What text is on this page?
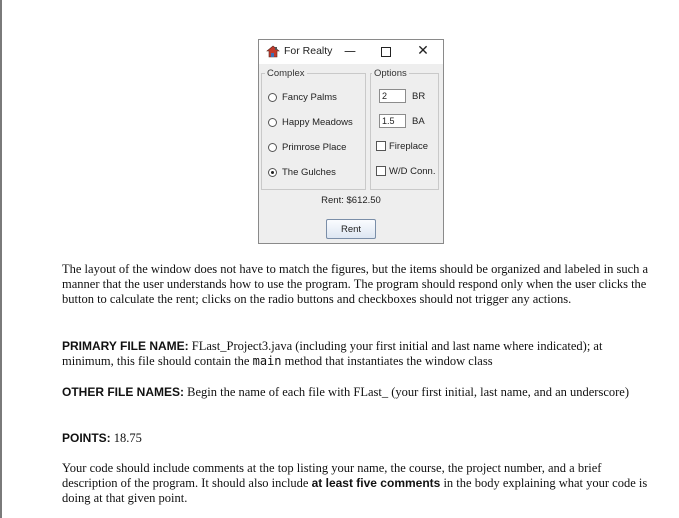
For Realty —	✕
Complex
Fancy Palms
Happy Meadows
Primrose Place
The Gulches
Options
2	BR
1.5	BA
Fireplace
W/D Conn.
Rent: $612.50
Rent

The layout of the window does not have to match the figures, but the items should be organized and labeled in such a manner that the user understands how to use the program. The program should respond only when the user clicks the button to calculate the rent; clicks on the radio buttons and checkboxes should not trigger any actions.

PRIMARY FILE NAME: FLast_Project3.java (including your first initial and last name where indicated); at minimum, this file should contain the main method that instantiates the window class

OTHER FILE NAMES: Begin the name of each file with FLast_ (your first initial, last name, and an underscore)

POINTS: 18.75

Your code should include comments at the top listing your name, the course, the project number, and a brief description of the program. It should also include at least five comments in the body explaining what your code is doing at that given point.
